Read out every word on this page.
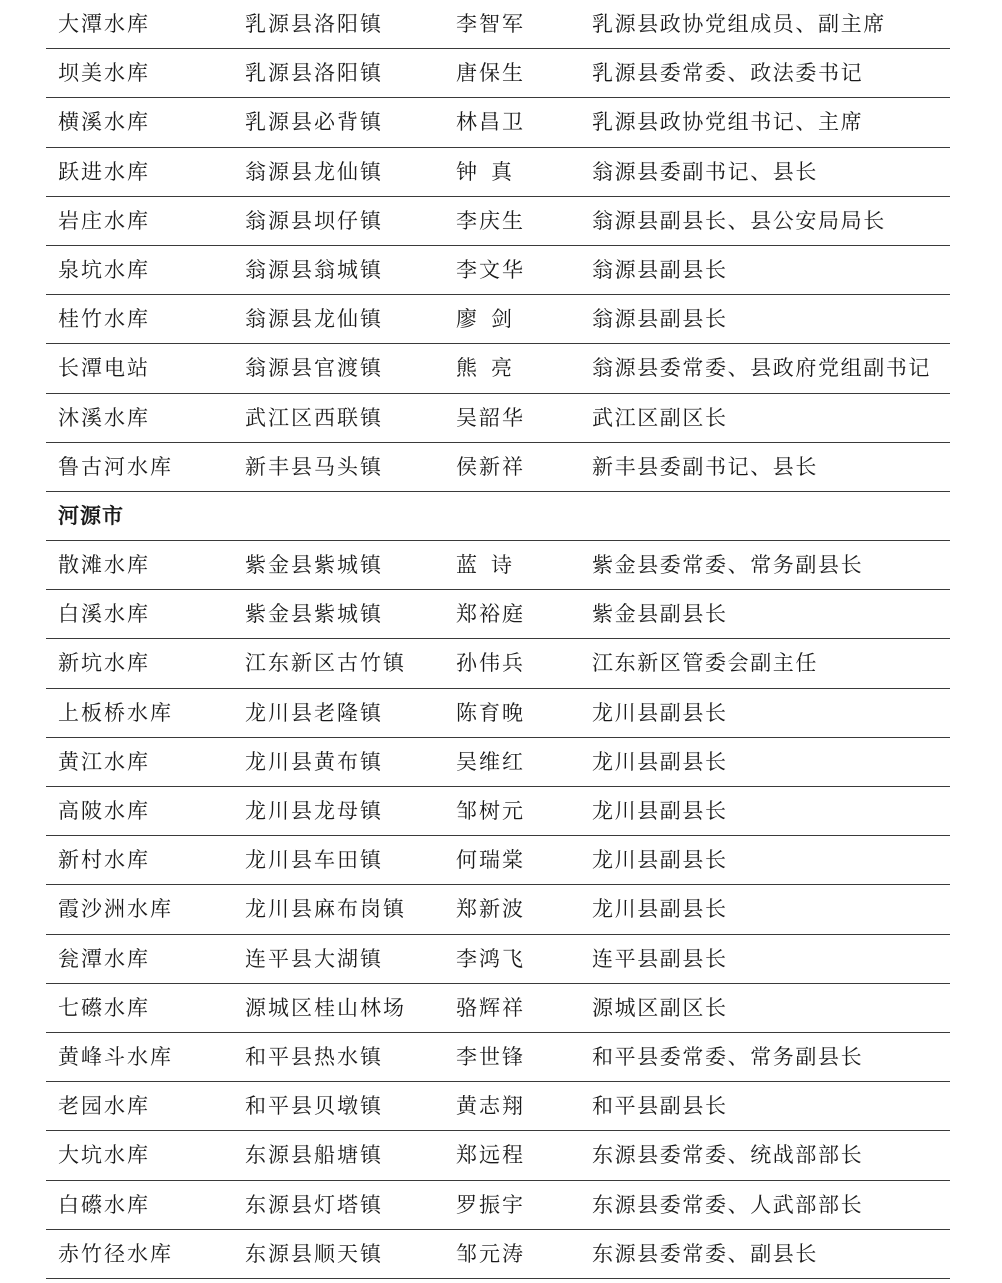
大潭水库	乳源县洛阳镇	李智军	乳源县政协党组成员、副主席
坝美水库	乳源县洛阳镇	唐保生	乳源县委常委、政法委书记
横溪水库	乳源县必背镇	林昌卫	乳源县政协党组书记、主席
跃进水库	翁源县龙仙镇	钟真	翁源县委副书记、县长
岩庄水库	翁源县坝仔镇	李庆生	翁源县副县长、县公安局局长
泉坑水库	翁源县翁城镇	李文华	翁源县副县长
桂竹水库	翁源县龙仙镇	廖剑	翁源县副县长
长潭电站	翁源县官渡镇	熊亮	翁源县委常委、县政府党组副书记
沐溪水库	武江区西联镇	吴韶华	武江区副区长
鲁古河水库	新丰县马头镇	侯新祥	新丰县委副书记、县长
河源市
散滩水库	紫金县紫城镇	蓝诗	紫金县委常委、常务副县长
白溪水库	紫金县紫城镇	郑裕庭	紫金县副县长
新坑水库	江东新区古竹镇 孙伟兵	江东新区管委会副主任
上板桥水库	龙川县老隆镇	陈育晚	龙川县副县长
黄江水库	龙川县黄布镇	吴维红	龙川县副县长
高陂水库	龙川县龙母镇	邹树元	龙川县副县长
新村水库	龙川县车田镇	何瑞棠	龙川县副县长
霞沙洲水库	龙川县麻布岗镇 郑新波	龙川县副县长
瓮潭水库	连平县大湖镇	李鸿飞	连平县副县长
七礤水库	源城区桂山林场 骆辉祥	源城区副区长
黄峰斗水库	和平县热水镇	李世锋	和平县委常委、常务副县长
老园水库	和平县贝墩镇	黄志翔	和平县副县长
大坑水库	东源县船塘镇	郑远程	东源县委常委、统战部部长
白礤水库	东源县灯塔镇	罗振宇	东源县委常委、人武部部长
赤竹径水库	东源县顺天镇	邹元涛	东源县委常委、副县长
